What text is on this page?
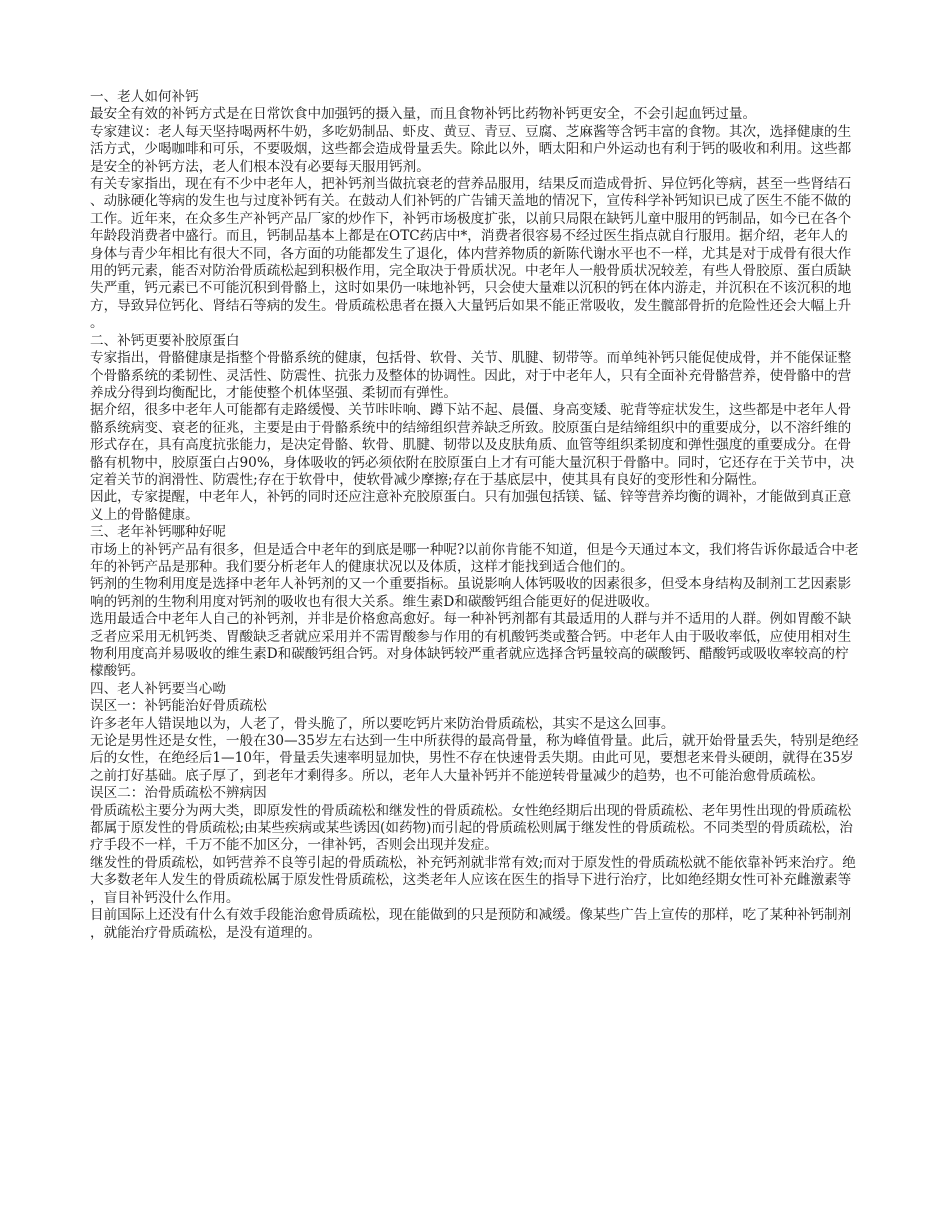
一、老人如何补钙

最安全有效的补钙方式是在日常饮食中加强钙的摄入量，而且食物补钙比药物补钙更安全，不会引起血钙过量。

专家建议：老人每天坚持喝两杯牛奶，多吃奶制品、虾皮、黄豆、青豆、豆腐、芝麻酱等含钙丰富的食物。其次，选择健康的生活方式，少喝咖啡和可乐，不要吸烟，这些都会造成骨量丢失。除此以外，晒太阳和户外运动也有利于钙的吸收和利用。这些都是安全的补钙方法，老人们根本没有必要每天服用钙剂。

有关专家指出，现在有不少中老年人，把补钙剂当做抗衰老的营养品服用，结果反而造成骨折、异位钙化等病，甚至一些肾结石、动脉硬化等病的发生也与过度补钙有关。在鼓动人们补钙的广告铺天盖地的情况下，宣传科学补钙知识已成了医生不能不做的工作。近年来，在众多生产补钙产品厂家的炒作下，补钙市场极度扩张，以前只局限在缺钙儿童中服用的钙制品，如今已在各个年龄段消费者中盛行。而且，钙制品基本上都是在OTC药店中*，消费者很容易不经过医生指点就自行服用。据介绍，老年人的身体与青少年相比有很大不同，各方面的功能都发生了退化，体内营养物质的新陈代谢水平也不一样，尤其是对于成骨有很大作用的钙元素，能否对防治骨质疏松起到积极作用，完全取决于骨质状况。中老年人一般骨质状况较差，有些人骨胶原、蛋白质缺失严重，钙元素已不可能沉积到骨骼上，这时如果仍一味地补钙，只会使大量难以沉积的钙在体内游走，并沉积在不该沉积的地方，导致异位钙化、肾结石等病的发生。骨质疏松患者在摄入大量钙后如果不能正常吸收，发生髋部骨折的危险性还会大幅上升。

二、补钙更要补胶原蛋白

专家指出，骨骼健康是指整个骨骼系统的健康，包括骨、软骨、关节、肌腱、韧带等。而单纯补钙只能促使成骨，并不能保证整个骨骼系统的柔韧性、灵活性、防震性、抗张力及整体的协调性。因此，对于中老年人，只有全面补充骨骼营养，使骨骼中的营养成分得到均衡配比，才能使整个机体坚强、柔韧而有弹性。

据介绍，很多中老年人可能都有走路缓慢、关节咔咔响、蹲下站不起、晨僵、身高变矮、驼背等症状发生，这些都是中老年人骨骼系统病变、衰老的征兆，主要是由于骨骼系统中的结缔组织营养缺乏所致。胶原蛋白是结缔组织中的重要成分，以不溶纤维的形式存在，具有高度抗张能力，是决定骨骼、软骨、肌腱、韧带以及皮肤角质、血管等组织柔韧度和弹性强度的重要成分。在骨骼有机物中，胶原蛋白占90%，身体吸收的钙必须依附在胶原蛋白上才有可能大量沉积于骨骼中。同时，它还存在于关节中，决定着关节的润滑性、防震性;存在于软骨中，使软骨减少摩擦;存在于基底层中，使其具有良好的变形性和分隔性。

因此，专家提醒，中老年人，补钙的同时还应注意补充胶原蛋白。只有加强包括镁、锰、锌等营养均衡的调补，才能做到真正意义上的骨骼健康。

三、老年补钙哪种好呢

市场上的补钙产品有很多，但是适合中老年的到底是哪一种呢?以前你肯能不知道，但是今天通过本文，我们将告诉你最适合中老年的补钙产品是那种。我们要分析老年人的健康状况以及体质，这样才能找到适合他们的。

钙剂的生物利用度是选择中老年人补钙剂的又一个重要指标。虽说影响人体钙吸收的因素很多，但受本身结构及制剂工艺因素影响的钙剂的生物利用度对钙剂的吸收也有很大关系。维生素D和碳酸钙组合能更好的促进吸收。

选用最适合中老年人自己的补钙剂，并非是价格愈高愈好。每一种补钙剂都有其最适用的人群与并不适用的人群。例如胃酸不缺乏者应采用无机钙类、胃酸缺乏者就应采用并不需胃酸参与作用的有机酸钙类或螯合钙。中老年人由于吸收率低，应使用相对生物利用度高并易吸收的维生素D和碳酸钙组合钙。对身体缺钙较严重者就应选择含钙量较高的碳酸钙、醋酸钙或吸收率较高的柠檬酸钙。

四、老人补钙要当心呦

误区一：补钙能治好骨质疏松

许多老年人错误地以为，人老了，骨头脆了，所以要吃钙片来防治骨质疏松，其实不是这么回事。

无论是男性还是女性，一般在30—35岁左右达到一生中所获得的最高骨量，称为峰值骨量。此后，就开始骨量丢失，特别是绝经后的女性，在绝经后1—10年，骨量丢失速率明显加快，男性不存在快速骨丢失期。由此可见，要想老来骨头硬朗，就得在35岁之前打好基础。底子厚了，到老年才剩得多。所以，老年人大量补钙并不能逆转骨量减少的趋势，也不可能治愈骨质疏松。

误区二：治骨质疏松不辨病因

骨质疏松主要分为两大类，即原发性的骨质疏松和继发性的骨质疏松。女性绝经期后出现的骨质疏松、老年男性出现的骨质疏松都属于原发性的骨质疏松;由某些疾病或某些诱因(如药物)而引起的骨质疏松则属于继发性的骨质疏松。不同类型的骨质疏松，治疗手段不一样，千万不能不加区分，一律补钙，否则会出现并发症。

继发性的骨质疏松，如钙营养不良等引起的骨质疏松，补充钙剂就非常有效;而对于原发性的骨质疏松就不能依靠补钙来治疗。绝大多数老年人发生的骨质疏松属于原发性骨质疏松，这类老年人应该在医生的指导下进行治疗，比如绝经期女性可补充雌激素等，盲目补钙没什么作用。

目前国际上还没有什么有效手段能治愈骨质疏松，现在能做到的只是预防和减缓。像某些广告上宣传的那样，吃了某种补钙制剂，就能治疗骨质疏松，是没有道理的。
